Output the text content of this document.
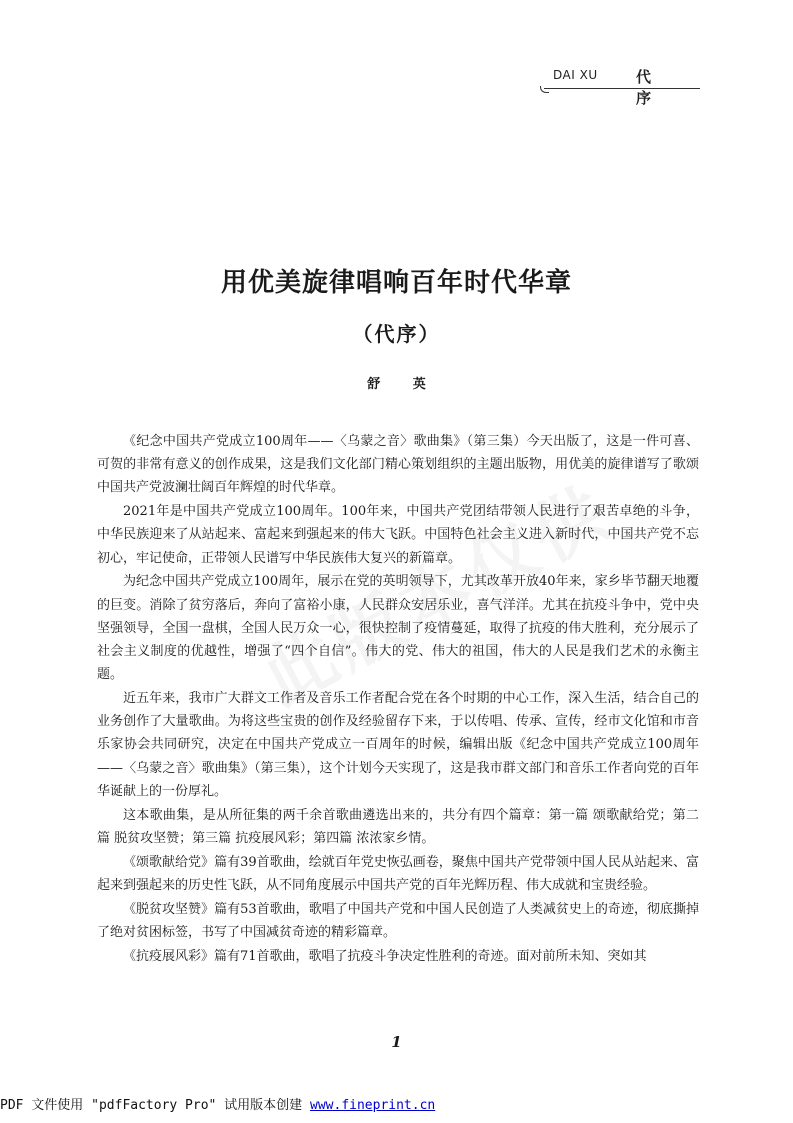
DAI XU	代 序
用优美旋律唱响百年时代华章
（代序）
舒 英

《纪念中国共产党成立100周年——〈乌蒙之音〉歌曲集》（第三集）今天出版了，这是一件可喜、可贺的非常有意义的创作成果，这是我们文化部门精心策划组织的主题出版物，用优美的旋律谱写了歌颂中国共产党波澜壮阔百年辉煌的时代华章。

2021年是中国共产党成立100周年。100年来，中国共产党团结带领人民进行了艰苦卓绝的斗争，中华民族迎来了从站起来、富起来到强起来的伟大飞跃。中国特色社会主义进入新时代，中国共产党不忘初心，牢记使命，正带领人民谱写中华民族伟大复兴的新篇章。

为纪念中国共产党成立100周年，展示在党的英明领导下，尤其改革开放40年来，家乡毕节翻天地覆的巨变。消除了贫穷落后，奔向了富裕小康，人民群众安居乐业，喜气洋洋。尤其在抗疫斗争中，党中央坚强领导，全国一盘棋，全国人民万众一心，很快控制了疫情蔓延，取得了抗疫的伟大胜利，充分展示了社会主义制度的优越性，增强了“四个自信”。伟大的党、伟大的祖国，伟大的人民是我们艺术的永衡主题。

近五年来，我市广大群文工作者及音乐工作者配合党在各个时期的中心工作，深入生活，结合自己的业务创作了大量歌曲。为将这些宝贵的创作及经验留存下来，于以传唱、传承、宣传，经市文化馆和市音乐家协会共同研究，决定在中国共产党成立一百周年的时候，编辑出版《纪念中国共产党成立100周年——〈乌蒙之音〉歌曲集》（第三集），这个计划今天实现了，这是我市群文部门和音乐工作者向党的百年华诞献上的一份厚礼。

这本歌曲集，是从所征集的两千余首歌曲遴选出来的，共分有四个篇章：第一篇 颂歌献给党；第二篇 脱贫攻坚赞；第三篇 抗疫展风彩；第四篇 浓浓家乡情。

《颂歌献给党》篇有39首歌曲，绘就百年党史恢弘画卷，聚焦中国共产党带领中国人民从站起来、富起来到强起来的历史性飞跃，从不同角度展示中国共产党的百年光辉历程、伟大成就和宝贵经验。

《脱贫攻坚赞》篇有53首歌曲，歌唱了中国共产党和中国人民创造了人类减贫史上的奇迹，彻底撕掉了绝对贫困标签，书写了中国减贫奇迹的精彩篇章。

《抗疫展风彩》篇有71首歌曲，歌唱了抗疫斗争决定性胜利的奇迹。面对前所未知、突如其

1
PDF 文件使用 "pdfFactory Pro" 试用版本创建 www.fineprint.cn
